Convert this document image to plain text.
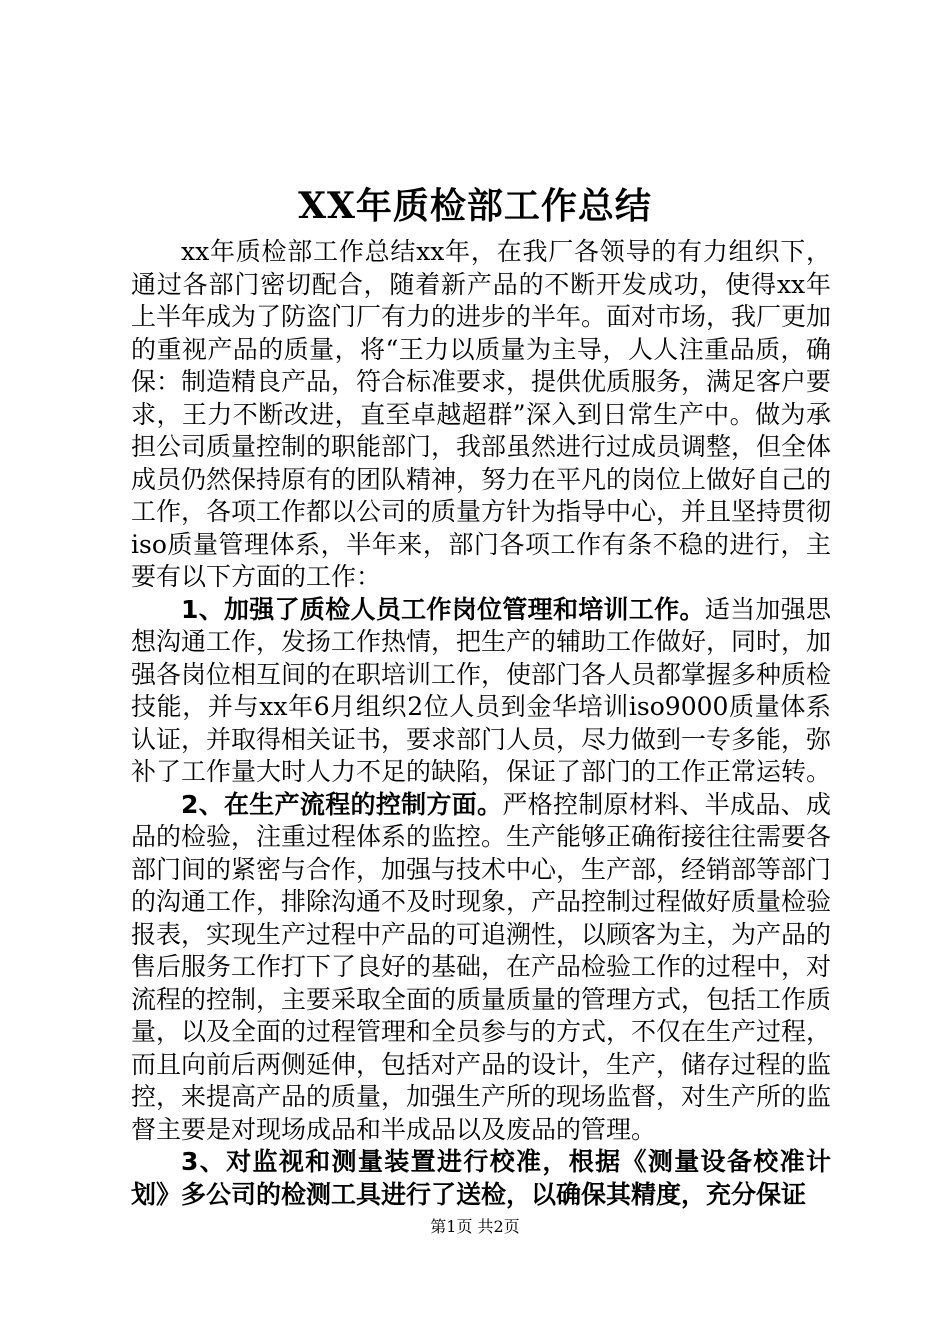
XX年质检部工作总结

xx年质检部工作总结xx年，在我厂各领导的有力组织下，通过各部门密切配合，随着新产品的不断开发成功，使得xx年上半年成为了防盗门厂有力的进步的半年。面对市场，我厂更加的重视产品的质量，将“王力以质量为主导，人人注重品质，确保：制造精良产品，符合标准要求，提供优质服务，满足客户要求，王力不断改进，直至卓越超群”深入到日常生产中。做为承担公司质量控制的职能部门，我部虽然进行过成员调整，但全体成员仍然保持原有的团队精神，努力在平凡的岗位上做好自己的工作，各项工作都以公司的质量方针为指导中心，并且坚持贯彻iso质量管理体系，半年来，部门各项工作有条不稳的进行，主要有以下方面的工作：

1、加强了质检人员工作岗位管理和培训工作。适当加强思想沟通工作，发扬工作热情，把生产的辅助工作做好，同时，加强各岗位相互间的在职培训工作，使部门各人员都掌握多种质检技能，并与xx年6月组织2位人员到金华培训iso9000质量体系认证，并取得相关证书，要求部门人员，尽力做到一专多能，弥补了工作量大时人力不足的缺陷，保证了部门的工作正常运转。

2、在生产流程的控制方面。严格控制原材料、半成品、成品的检验，注重过程体系的监控。生产能够正确衔接往往需要各部门间的紧密与合作，加强与技术中心，生产部，经销部等部门的沟通工作，排除沟通不及时现象，产品控制过程做好质量检验报表，实现生产过程中产品的可追溯性，以顾客为主，为产品的售后服务工作打下了良好的基础，在产品检验工作的过程中，对流程的控制，主要采取全面的质量质量的管理方式，包括工作质量，以及全面的过程管理和全员参与的方式，不仅在生产过程，而且向前后两侧延伸，包括对产品的设计，生产，储存过程的监控，来提高产品的质量，加强生产所的现场监督，对生产所的监督主要是对现场成品和半成品以及废品的管理。

3、对监视和测量装置进行校准，根据《测量设备校准计划》多公司的检测工具进行了送检，以确保其精度，充分保证

第1页 共2页
